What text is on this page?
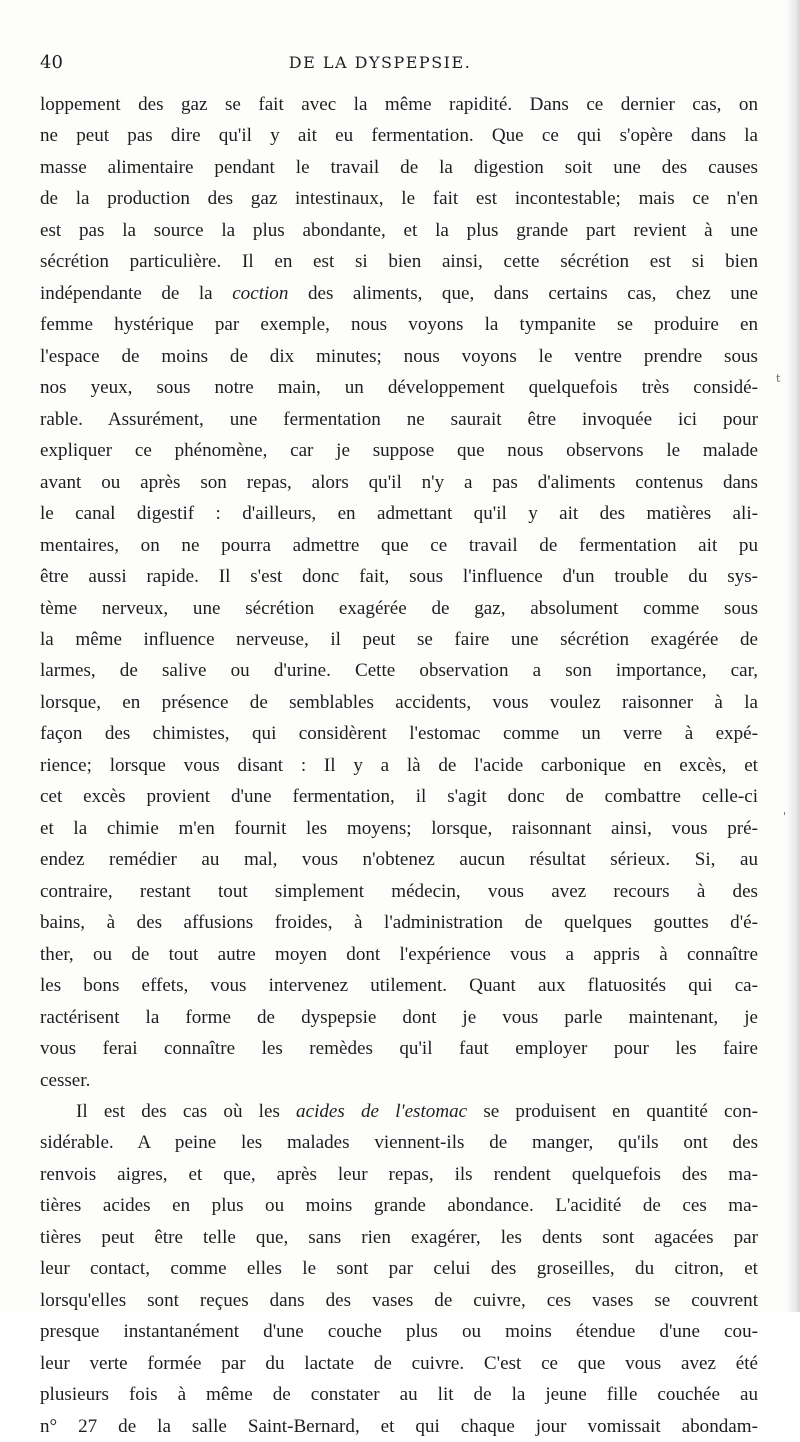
40	DE LA DYSPEPSIE.
loppement des gaz se fait avec la même rapidité. Dans ce dernier cas, on
ne peut pas dire qu'il y ait eu fermentation. Que ce qui s'opère dans la
masse alimentaire pendant le travail de la digestion soit une des causes
de la production des gaz intestinaux, le fait est incontestable; mais ce n'en
est pas la source la plus abondante, et la plus grande part revient à une
sécrétion particulière. Il en est si bien ainsi, cette sécrétion est si bien
indépendante de la coction des aliments, que, dans certains cas, chez une
femme hystérique par exemple, nous voyons la tympanite se produire en
l'espace de moins de dix minutes; nous voyons le ventre prendre sous
nos yeux, sous notre main, un développement quelquefois très considé-
rable. Assurément, une fermentation ne saurait être invoquée ici pour
expliquer ce phénomène, car je suppose que nous observons le malade
avant ou après son repas, alors qu'il n'y a pas d'aliments contenus dans
le canal digestif : d'ailleurs, en admettant qu'il y ait des matières ali-
mentaires, on ne pourra admettre que ce travail de fermentation ait pu
être aussi rapide. Il s'est donc fait, sous l'influence d'un trouble du sys-
tème nerveux, une sécrétion exagérée de gaz, absolument comme sous
la même influence nerveuse, il peut se faire une sécrétion exagérée de
larmes, de salive ou d'urine. Cette observation a son importance, car,
lorsque, en présence de semblables accidents, vous voulez raisonner à la
façon des chimistes, qui considèrent l'estomac comme un verre à expé-
rience; lorsque vous disant : Il y a là de l'acide carbonique en excès, et
cet excès provient d'une fermentation, il s'agit donc de combattre celle-ci
et la chimie m'en fournit les moyens; lorsque, raisonnant ainsi, vous pré-
endez remédier au mal, vous n'obtenez aucun résultat sérieux. Si, au
contraire, restant tout simplement médecin, vous avez recours à des
bains, à des affusions froides, à l'administration de quelques gouttes d'é-
ther, ou de tout autre moyen dont l'expérience vous a appris à connaître
les bons effets, vous intervenez utilement. Quant aux flatuosités qui ca-
ractérisent la forme de dyspepsie dont je vous parle maintenant, je
vous ferai connaître les remèdes qu'il faut employer pour les faire
cesser.
Il est des cas où les acides de l'estomac se produisent en quantité con-
sidérable. A peine les malades viennent-ils de manger, qu'ils ont des
renvois aigres, et que, après leur repas, ils rendent quelquefois des ma-
tières acides en plus ou moins grande abondance. L'acidité de ces ma-
tières peut être telle que, sans rien exagérer, les dents sont agacées par
leur contact, comme elles le sont par celui des groseilles, du citron, et
lorsqu'elles sont reçues dans des vases de cuivre, ces vases se couvrent
presque instantanément d'une couche plus ou moins étendue d'une cou-
leur verte formée par du lactate de cuivre. C'est ce que vous avez été
plusieurs fois à même de constater au lit de la jeune fille couchée au
n° 27 de la salle Saint-Bernard, et qui chaque jour vomissait abondam-
t
'
